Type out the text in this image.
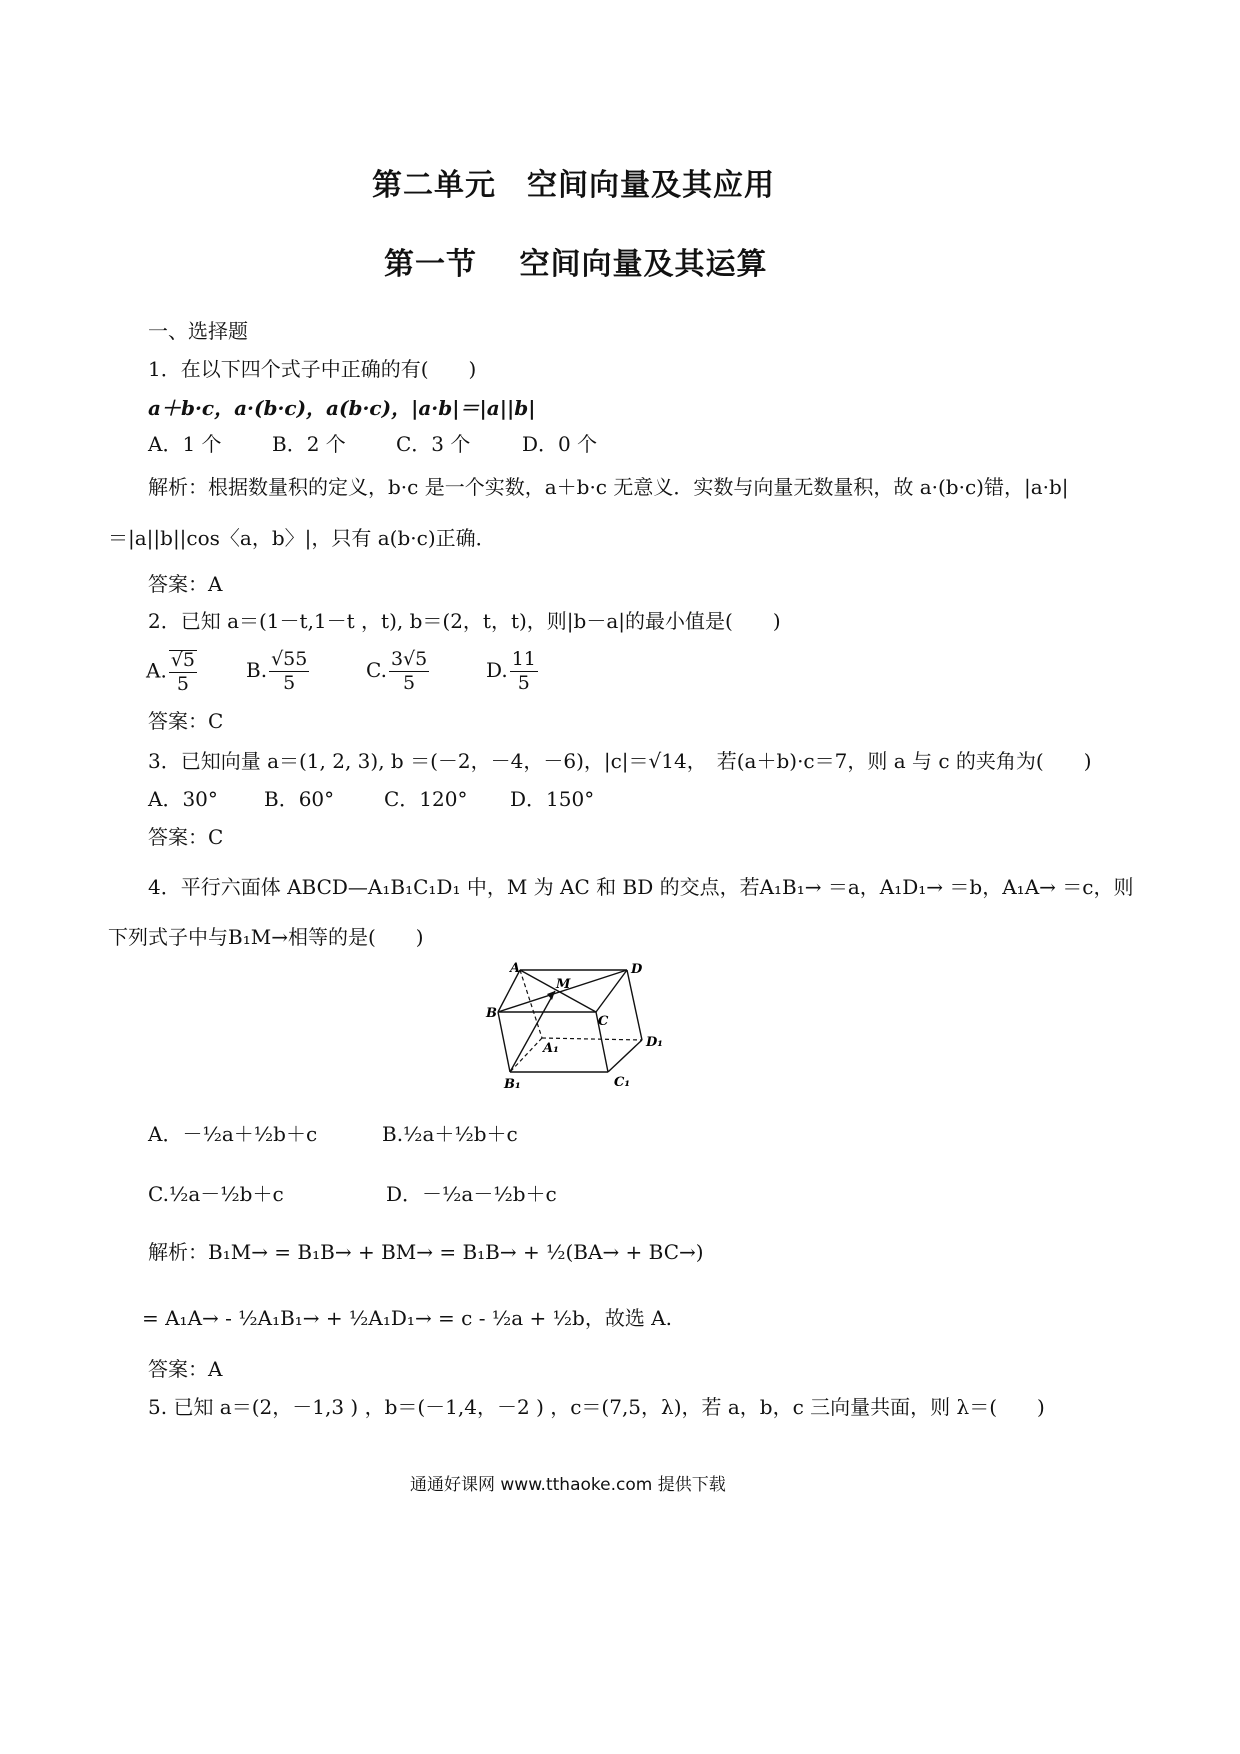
第二单元　空间向量及其应用
第一节　 空间向量及其运算
一、选择题
1．在以下四个式子中正确的有(　　)
a＋b·c，a·(b·c)，a(b·c)，|a·b|＝|a||b|
A．1 个	B．2 个	C．3 个	D．0 个
解析：根据数量积的定义，b·c 是一个实数，a＋b·c 无意义．实数与向量无数量积，故 a·(b·c)错，|a·b|
＝|a||b||cos〈a，b〉|，只有 a(b·c)正确．
答案：A
2．已知 a＝(1－t,1－t ，t), b＝(2，t，t)，则|b－a|的最小值是(　　)
A. $\frac{√5}{5} B$. $\frac{√55}{5}$	C. $\frac{3√5}{5}$	D. $\frac{11}{5}$
答案：C
3．已知向量 a＝(1, 2, 3), b ＝(－2，－4，－6)，|c|＝√14，　若(a＋b)·c＝7，则 a 与 c 的夹角为(　　)
A．30° B．60° C．120° D．150°
答案：C
4．平行六面体 ABCD—A₁B₁C₁D₁ 中，M 为 AC 和 BD 的交点，若A₁B₁→ ＝a，A₁D₁→ ＝b，A₁A→ ＝c，则
下列式子中与B₁M→相等的是(　　)
A	D
M
B
C
A₁	D₁
B₁	C₁
A．－½a＋½b＋c	B.½a＋½b＋c
C.½a－½b＋c	D．－½a－½b＋c
解析：B₁M→ = B₁B→ + BM→ = B₁B→ + ½(BA→ + BC→)
= A₁A→ - ½A₁B₁→ + ½A₁D₁→ = c - ½a + ½b，故选 A.
答案：A
5. 已知 a＝(2，－1,3 ) ，b＝(－1,4，－2 ) ，c＝(7,5，λ)，若 a，b，c 三向量共面，则 λ＝(　　)
通通好课网 www.tthaoke.com 提供下载
